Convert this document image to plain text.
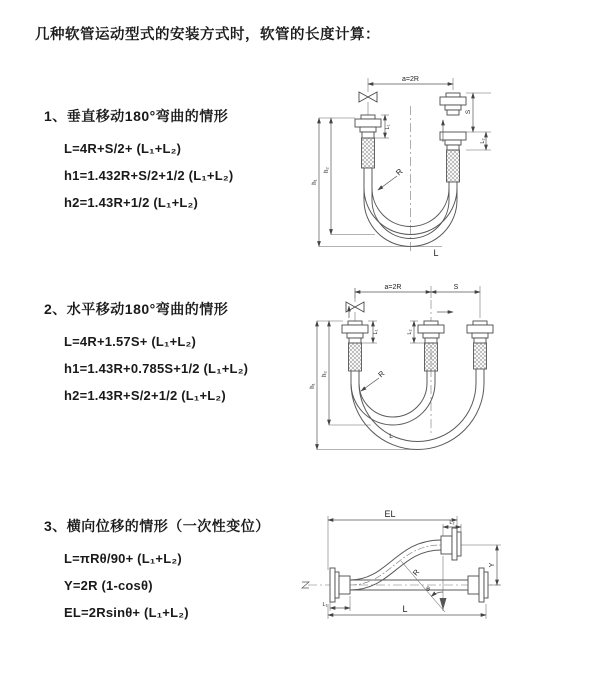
几种软管运动型式的安装方式时，软管的长度计算：
1、垂直移动180°弯曲的情形
L=4R+S/2+ (L₁+L₂)
h1=1.432R+S/2+1/2 (L₁+L₂)
h2=1.43R+1/2 (L₁+L₂)
2、水平移动180°弯曲的情形
L=4R+1.57S+ (L₁+L₂)
h1=1.43R+0.785S+1/2 (L₁+L₂)
h2=1.43R+S/2+1/2 (L₁+L₂)
3、横向位移的情形（一次性变位）
L=πRθ/90+ (L₁+L₂)
Y=2R (1-cosθ)
EL=2Rsinθ+ (L₁+L₂)
a=2R
S
L₂
L₁
h₁
h₂	R
L
a=2R	S
L₁	L₂
h₁
h₂	R
L
θ
R
EL
L₂
Y
L₁	L
